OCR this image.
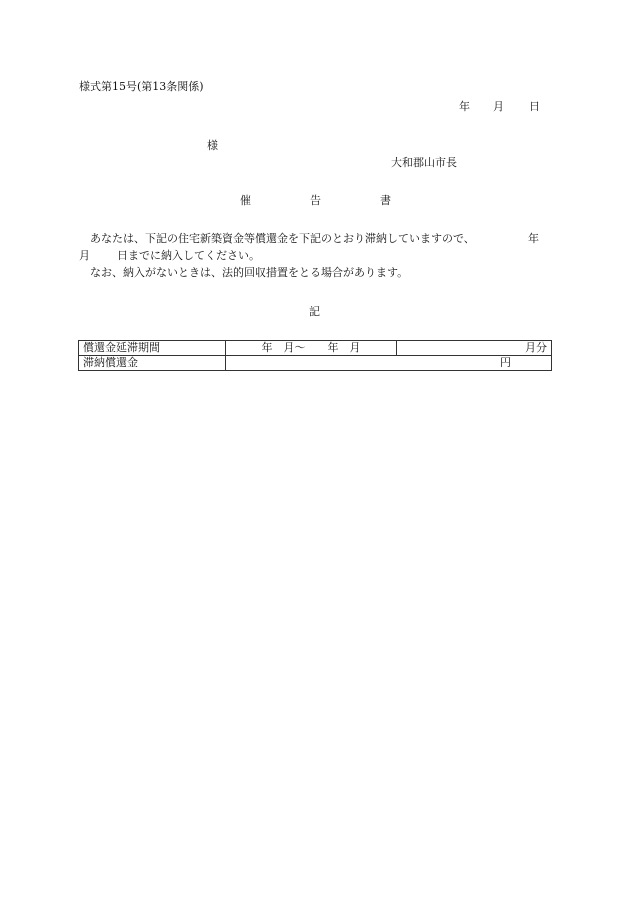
様式第15号(第13条関係)
年 月 日
様
大和郡山市長
催	告	書
あなたは、下記の住宅新築資金等償還金を下記のとおり滞納していますので、	年
月 日までに納入してください。
なお、納入がないときは、法的回収措置をとる場合があります。
記
償還金延滞期間	年　月〜　　年　月	月分
滞納償還金	円	
